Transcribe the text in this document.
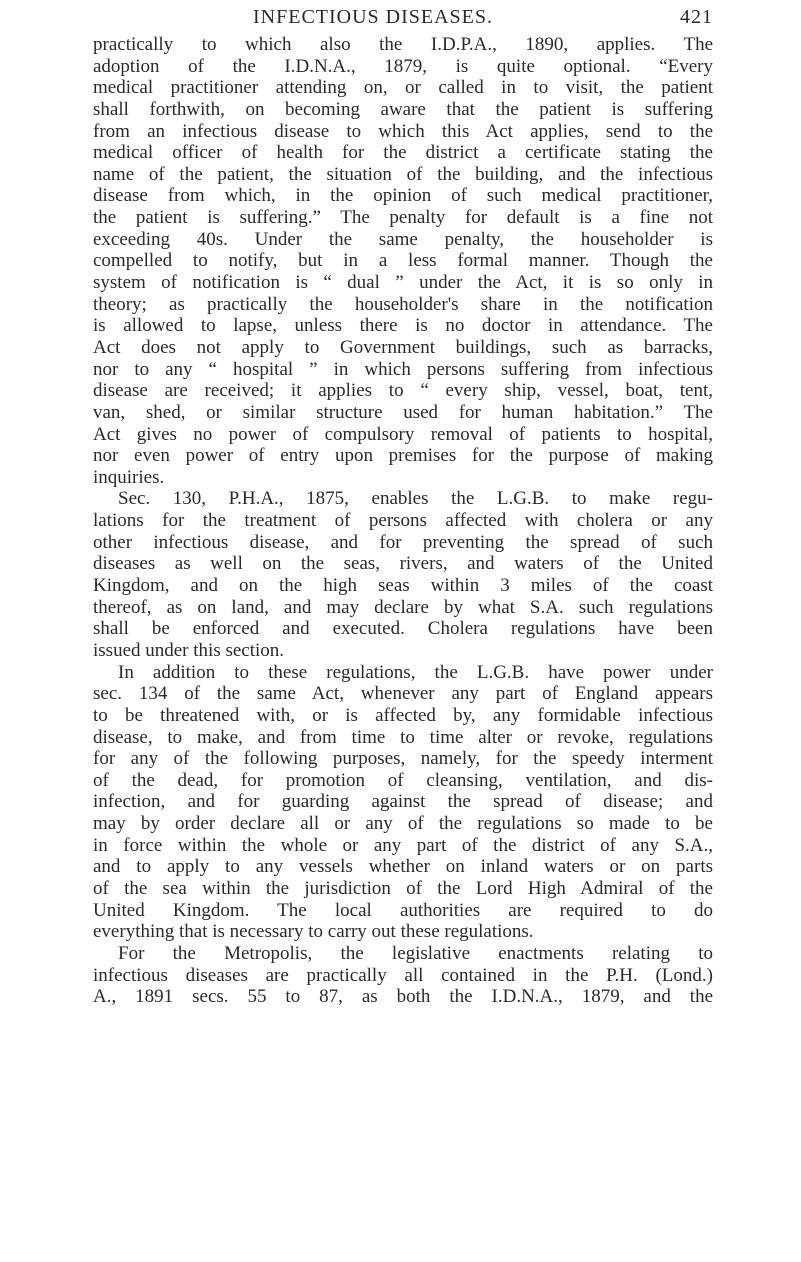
INFECTIOUS DISEASES.	421
practically to which also the I.D.P.A., 1890, applies. The
adoption of the I.D.N.A., 1879, is quite optional. “Every
medical practitioner attending on, or called in to visit, the patient
shall forthwith, on becoming aware that the patient is suffering
from an infectious disease to which this Act applies, send to the
medical officer of health for the district a certificate stating the
name of the patient, the situation of the building, and the infectious
disease from which, in the opinion of such medical practitioner,
the patient is suffering.” The penalty for default is a fine not
exceeding 40s. Under the same penalty, the householder is
compelled to notify, but in a less formal manner. Though the
system of notification is “ dual ” under the Act, it is so only in
theory; as practically the householder's share in the notification
is allowed to lapse, unless there is no doctor in attendance. The
Act does not apply to Government buildings, such as barracks,
nor to any “ hospital ” in which persons suffering from infectious
disease are received; it applies to “ every ship, vessel, boat, tent,
van, shed, or similar structure used for human habitation.” The
Act gives no power of compulsory removal of patients to hospital,
nor even power of entry upon premises for the purpose of making
inquiries.
Sec. 130, P.H.A., 1875, enables the L.G.B. to make regu-
lations for the treatment of persons affected with cholera or any
other infectious disease, and for preventing the spread of such
diseases as well on the seas, rivers, and waters of the United
Kingdom, and on the high seas within 3 miles of the coast
thereof, as on land, and may declare by what S.A. such regulations
shall be enforced and executed. Cholera regulations have been
issued under this section.
In addition to these regulations, the L.G.B. have power under
sec. 134 of the same Act, whenever any part of England appears
to be threatened with, or is affected by, any formidable infectious
disease, to make, and from time to time alter or revoke, regulations
for any of the following purposes, namely, for the speedy interment
of the dead, for promotion of cleansing, ventilation, and dis-
infection, and for guarding against the spread of disease; and
may by order declare all or any of the regulations so made to be
in force within the whole or any part of the district of any S.A.,
and to apply to any vessels whether on inland waters or on parts
of the sea within the jurisdiction of the Lord High Admiral of the
United Kingdom. The local authorities are required to do
everything that is necessary to carry out these regulations.
For the Metropolis, the legislative enactments relating to
infectious diseases are practically all contained in the P.H. (Lond.)
A., 1891 secs. 55 to 87, as both the I.D.N.A., 1879, and the
